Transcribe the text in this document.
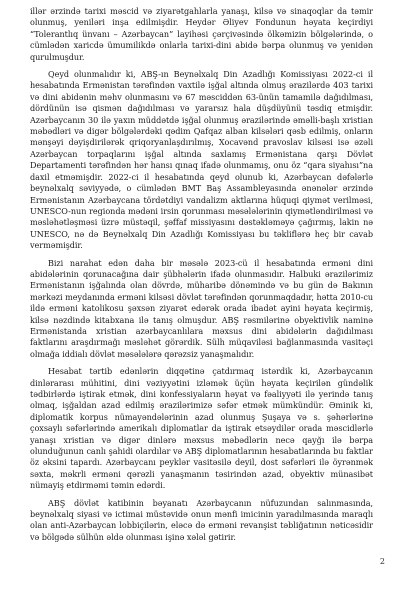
illər ərzində tarixi məscid və ziyarətgahlarla yanaşı, kilsə və sinaqoqlar da təmir olunmuş, yeniləri inşa edilmişdir. Heydər Əliyev Fondunun həyata keçirdiyi “Tolerantlıq ünvanı – Azərbaycan” layihəsi çərçivəsində ölkəmizin bölgələrində, o cümlədən xaricdə ümumilikdə onlarla tarixi-dini abidə bərpa olunmuş və yenidən qurulmuşdur.

Qeyd olunmalıdır ki, ABŞ-ın Beynəlxalq Din Azadlığı Komissiyası 2022-ci il hesabatında Ermənistan tərəfindən vaxtilə işğal altında olmuş ərazilərdə 403 tarixi və dini abidənin məhv olunmasını və 67 məsciddən 63-ünün tamamilə dağıdılması, dördünün isə qismən dağıdılması və yararsız hala düşdüyünü təsdiq etmişdir. Azərbaycanın 30 ilə yaxın müddətdə işğal olunmuş ərazilərində əməlli-başlı xristian məbədləri və digər bölgələrdəki qədim Qafqaz alban kilsələri qəsb edilmiş, onların mənşəyi dəyişdirilərək qriqoryanlaşdırılmış, Xocavənd pravoslav kilsəsi isə əzəli Azərbaycan torpaqlarını işğal altında saxlamış Ermənistana qarşı Dövlət Departamenti tərəfindən hər hansı qınaq ifadə olunmamış, onu öz “qara siyahısı”na daxil etməmişdir. 2022-ci il hesabatında qeyd olunub ki, Azərbaycan dəfələrlə beynəlxalq səviyyədə, o cümlədən BMT Baş Assambleyasında ənənələr ərzində Ermənistanın Azərbaycana tördətdiyi vandalizm aktlarına hüquqi qiymət verilməsi, UNESCO-nun regionda mədəni irsin qorunması məsələlərinin qiymətləndirilməsi və məsləhətləşməsi üzrə müstəqil, şəffaf missiyasını dəstəkləməyə çağırmış, lakin nə UNESCO, nə də Beynəlxalq Din Azadlığı Komissiyası bu təkliflərə heç bir cavab verməmişdir.

Bizi narahat edən daha bir məsələ 2023-cü il hesabatında erməni dini abidələrinin qorunacağına dair şübhələrin ifadə olunmasıdır. Halbuki ərazilərimiz Ermənistanın işğalında olan dövrdə, müharibə dönəmində və bu gün də Bakının mərkəzi meydanında erməni kilsəsi dövlət tərəfindən qorunmaqdadır, hətta 2010-cu ildə erməni katolikosu şəxsən ziyarət edərək orada ibadət ayini həyata keçirmiş, kilsə nəzdində kitabxana ilə tanış olmuşdur. ABŞ rəsmilərinə obyektivlik naminə Ermənistanda xristian azərbaycanlılara məxsus dini abidələrin dağıdılması faktlarını araşdırmağı məsləhət görərdik. Sülh müqaviləsi bağlanmasında vasitəçi olmağa iddialı dövlət məsələlərə qərəzsiz yanaşmalıdır.

Hesabat tərtib edənlərin diqqətinə çatdırmaq istərdik ki, Azərbaycanın dinlərarası mühitini, dini vəziyyətini izləmək üçün həyata keçirilən gündəlik tədbirlərdə iştirak etmək, dini konfessiyaların həyat və fəaliyyəti ilə yerində tanış olmaq, işğaldan azad edilmiş ərazilərimizə səfər etmək mümkündür. Əminik ki, diplomatik korpus nümayəndələrinin azad olunmuş Şuşaya və s. şəhərlərinə çoxsaylı səfərlərində amerikalı diplomatlar da iştirak etsəydilər orada məscidlərlə yanaşı xristian və digər dinlərə məxsus məbədlərin necə qayğı ilə bərpa olunduğunun canlı şahidi olardılar və ABŞ diplomatlarının hesabatlarında bu faktlar öz əksini tapardı. Azərbaycanı peyklər vasitəsilə deyil, dost səfərləri ilə öyrənmək səxta, məkrli erməni qərəzli yanaşmanın təsirindən azad, obyektiv münasibət nümayiş etdirməmi təmin edərdi.

ABŞ dövlət katibinin bəyanatı Azərbaycanın nüfuzundan salınmasında, beynəlxalq siyasi və ictimai müstəvidə onun mənfi imicinin yaradılmasında maraqlı olan anti-Azərbaycan lobbiçilərin, eləcə də erməni revanşist təbliğatının nəticəsidir və bölgədə sülhün əldə olunması işinə xələl gətirir.

2
